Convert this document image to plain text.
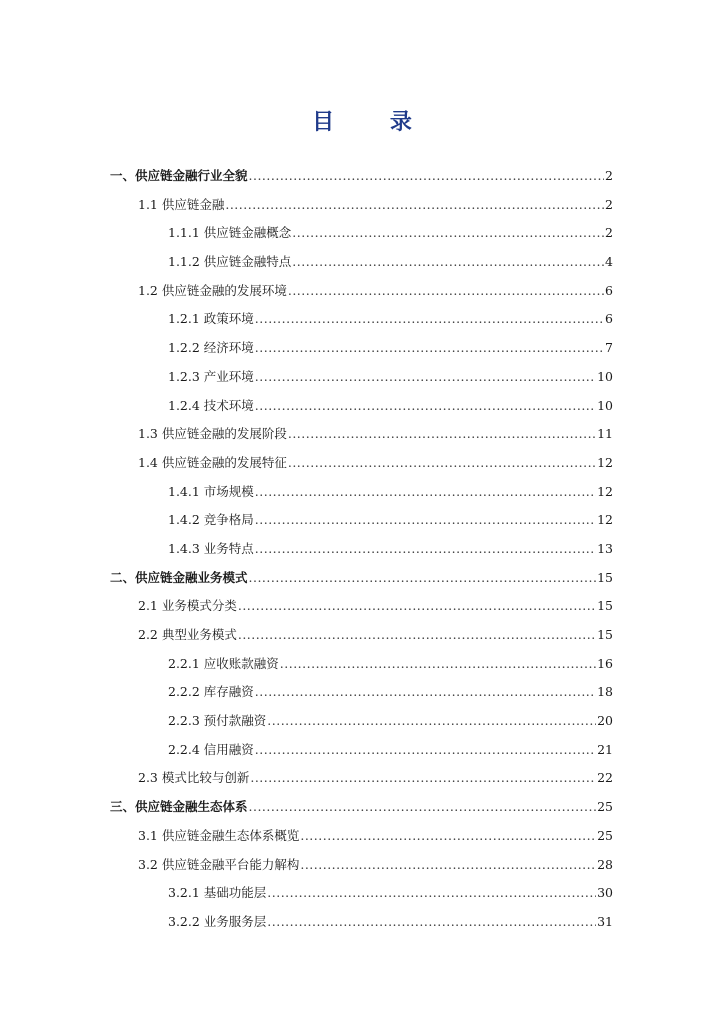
目 录
一、供应链金融行业全貌 .....	2
1.1 供应链金融 .....	2
1.1.1 供应链金融概念 .....	2
1.1.2 供应链金融特点 .....	4
1.2 供应链金融的发展环境 .....	6
1.2.1 政策环境 .....	6
1.2.2 经济环境 .....	7
1.2.3 产业环境 .....	10
1.2.4 技术环境 .....	10
1.3 供应链金融的发展阶段 .....	11
1.4 供应链金融的发展特征 .....	12
1.4.1 市场规模 .....	12
1.4.2 竞争格局 .....	12
1.4.3 业务特点 .....	13
二、供应链金融业务模式 .....	15
2.1 业务模式分类 .....	15
2.2 典型业务模式 .....	15
2.2.1 应收账款融资 .....	16
2.2.2 库存融资 .....	18
2.2.3 预付款融资 .....	20
2.2.4 信用融资 .....	21
2.3 模式比较与创新 .....	22
三、供应链金融生态体系 .....	25
3.1 供应链金融生态体系概览 .....	25
3.2 供应链金融平台能力解构 .....	28
3.2.1 基础功能层 .....	30
3.2.2 业务服务层 .....	31
